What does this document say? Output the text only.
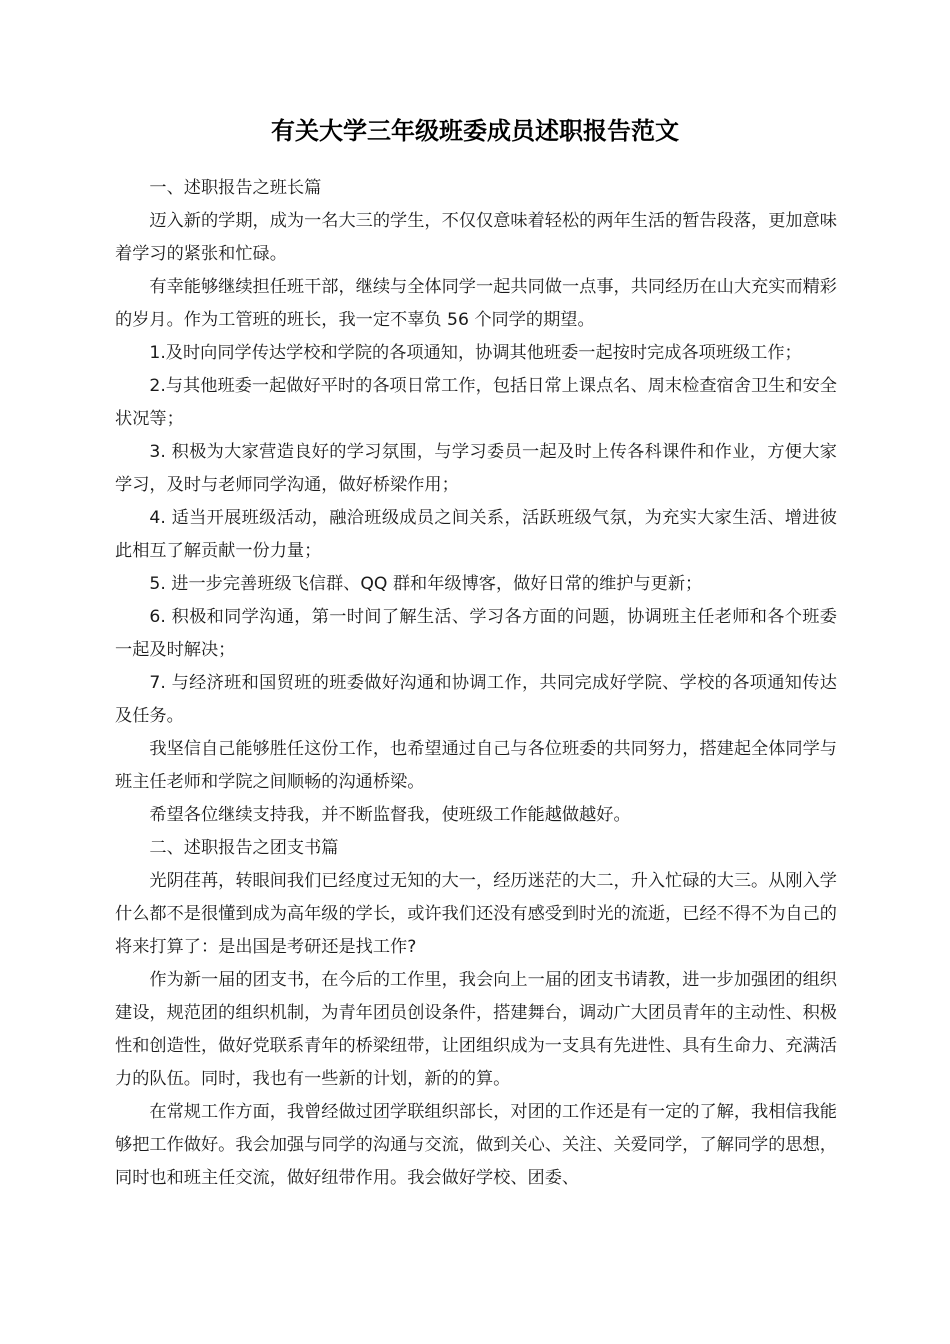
有关大学三年级班委成员述职报告范文

一、述职报告之班长篇

迈入新的学期，成为一名大三的学生，不仅仅意味着轻松的两年生活的暂告段落，更加意味着学习的紧张和忙碌。

有幸能够继续担任班干部，继续与全体同学一起共同做一点事，共同经历在山大充实而精彩的岁月。作为工管班的班长，我一定不辜负 56 个同学的期望。

1.及时向同学传达学校和学院的各项通知，协调其他班委一起按时完成各项班级工作；

2.与其他班委一起做好平时的各项日常工作，包括日常上课点名、周末检查宿舍卫生和安全状况等；

3. 积极为大家营造良好的学习氛围，与学习委员一起及时上传各科课件和作业，方便大家学习，及时与老师同学沟通，做好桥梁作用；

4. 适当开展班级活动，融洽班级成员之间关系，活跃班级气氛，为充实大家生活、增进彼此相互了解贡献一份力量；

5. 进一步完善班级飞信群、QQ 群和年级博客，做好日常的维护与更新；

6. 积极和同学沟通，第一时间了解生活、学习各方面的问题，协调班主任老师和各个班委一起及时解决；

7. 与经济班和国贸班的班委做好沟通和协调工作，共同完成好学院、学校的各项通知传达及任务。

我坚信自己能够胜任这份工作，也希望通过自己与各位班委的共同努力，搭建起全体同学与班主任老师和学院之间顺畅的沟通桥梁。

希望各位继续支持我，并不断监督我，使班级工作能越做越好。

二、述职报告之团支书篇

光阴荏苒，转眼间我们已经度过无知的大一，经历迷茫的大二，升入忙碌的大三。从刚入学什么都不是很懂到成为高年级的学长，或许我们还没有感受到时光的流逝，已经不得不为自己的将来打算了：是出国是考研还是找工作?

作为新一届的团支书，在今后的工作里，我会向上一届的团支书请教，进一步加强团的组织建设，规范团的组织机制，为青年团员创设条件，搭建舞台，调动广大团员青年的主动性、积极性和创造性，做好党联系青年的桥梁纽带，让团组织成为一支具有先进性、具有生命力、充满活力的队伍。同时，我也有一些新的计划，新的的算。

在常规工作方面，我曾经做过团学联组织部长，对团的工作还是有一定的了解，我相信我能够把工作做好。我会加强与同学的沟通与交流，做到关心、关注、关爱同学，了解同学的思想，同时也和班主任交流，做好纽带作用。我会做好学校、团委、
